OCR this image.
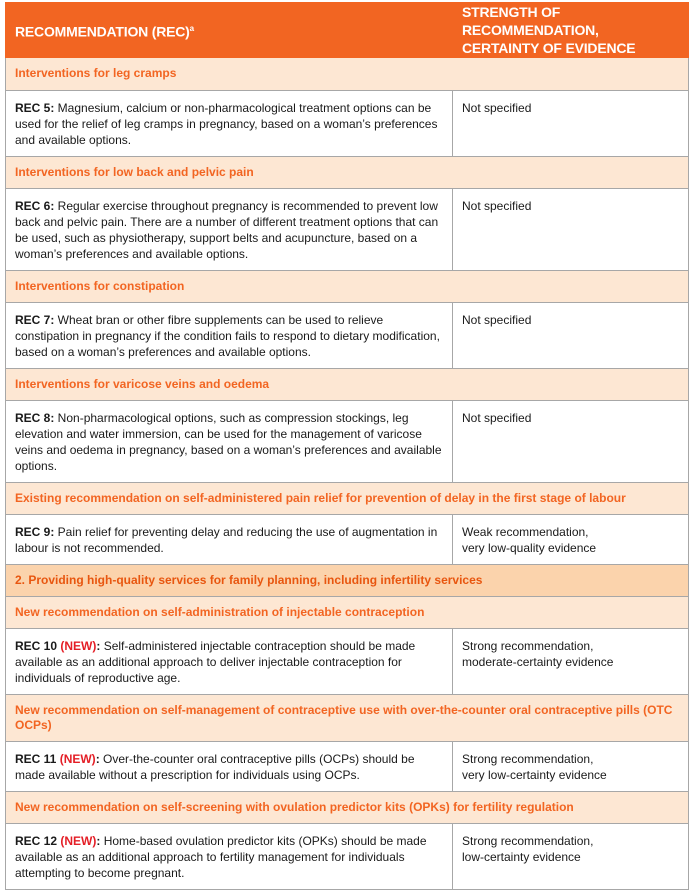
RECOMMENDATION (REC)$^a$	STRENGTH OF RECOMMENDATION, CERTAINTY OF EVIDENCE
Interventions for leg cramps	
REC 5: Magnesium, calcium or non-pharmacological treatment options can be used for the relief of leg cramps in pregnancy, based on a woman’s preferences and available options.	Not specified
Interventions for low back and pelvic pain	
REC 6: Regular exercise throughout pregnancy is recommended to prevent low back and pelvic pain. There are a number of different treatment options that can be used, such as physiotherapy, support belts and acupuncture, based on a woman’s preferences and available options.	Not specified
Interventions for constipation	
REC 7: Wheat bran or other fibre supplements can be used to relieve constipation in pregnancy if the condition fails to respond to dietary modification, based on a woman’s preferences and available options.	Not specified
Interventions for varicose veins and oedema	
REC 8: Non-pharmacological options, such as compression stockings, leg elevation and water immersion, can be used for the management of varicose veins and oedema in pregnancy, based on a woman’s preferences and available options.	Not specified
Existing recommendation on self-administered pain relief for prevention of delay in the first stage of labour	
REC 9: Pain relief for preventing delay and reducing the use of augmentation in labour is not recommended.	Weak recommendation,
very low-quality evidence

2. Providing high-quality services for family planning, including infertility services	
New recommendation on self-administration of injectable contraception	
REC 10 (NEW): Self-administered injectable contraception should be made available as an additional approach to deliver injectable contraception for individuals of reproductive age.	Strong recommendation,
moderate-certainty evidence

New recommendation on self-management of contraceptive use with over-the-counter oral contraceptive pills (OTC OCPs)	
REC 11 (NEW): Over-the-counter oral contraceptive pills (OCPs) should be made available without a prescription for individuals using OCPs.	Strong recommendation,
very low-certainty evidence

New recommendation on self-screening with ovulation predictor kits (OPKs) for fertility regulation	
REC 12 (NEW): Home-based ovulation predictor kits (OPKs) should be made available as an additional approach to fertility management for individuals attempting to become pregnant.	Strong recommendation,
low-certainty evidence
